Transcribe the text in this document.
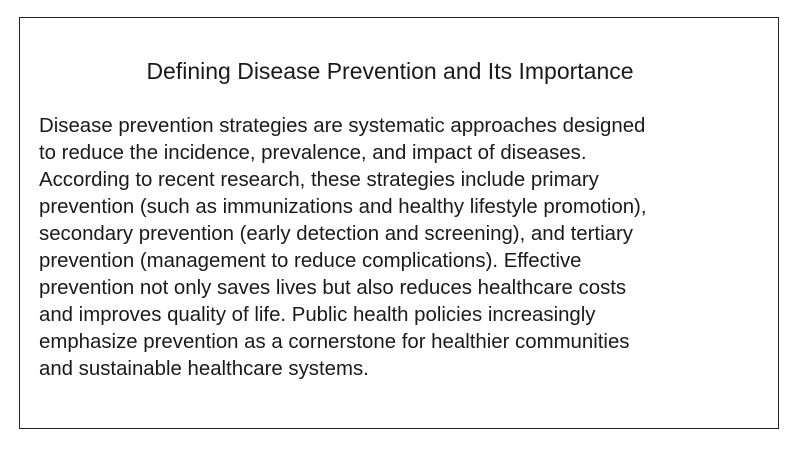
Defining Disease Prevention and Its Importance

Disease prevention strategies are systematic approaches designed
to reduce the incidence, prevalence, and impact of diseases.
According to recent research, these strategies include primary
prevention (such as immunizations and healthy lifestyle promotion),
secondary prevention (early detection and screening), and tertiary
prevention (management to reduce complications). Effective
prevention not only saves lives but also reduces healthcare costs
and improves quality of life. Public health policies increasingly
emphasize prevention as a cornerstone for healthier communities
and sustainable healthcare systems.
